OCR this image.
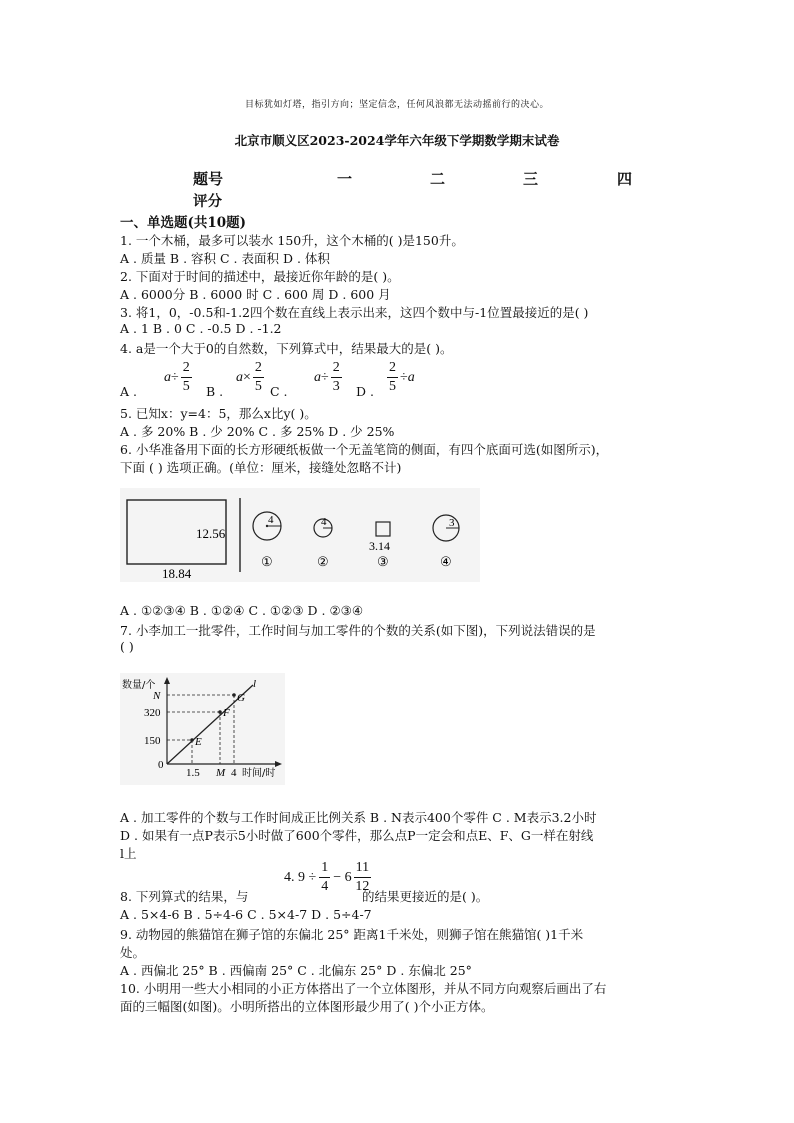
目标犹如灯塔，指引方向；坚定信念，任何风浪都无法动摇前行的决心。
北京市顺义区2023-2024学年六年级下学期数学期末试卷
题号	一	二	三	四
评分
一、单选题(共10题)
1. 一个木桶，最多可以装水 150升，这个木桶的( )是150升。
A . 质量 B . 容积 C . 表面积 D . 体积
2. 下面对于时间的描述中，最接近你年龄的是( )。
A . 6000分 B . 6000 时 C . 600 周 D . 600 月
3. 将1，0，-0.5和-1.2四个数在直线上表示出来，这四个数中与-1位置最接近的是( )
A . 1 B . 0 C . -0.5 D . -1.2
4. a是一个大于0的自然数，下列算式中，结果最大的是( )。
A .
$a \div \frac{2}{5}$ B .
$a \times \frac{2}{5}$ C .
$a \div \frac{2}{3}$ D . $\frac{2}{5} \div a$
5. 已知x：y=4：5，那么x比y( )。
A . 多 20% B . 少 20% C . 多 25% D . 少 25%
6. 小华准备用下面的长方形硬纸板做一个无盖笔筒的侧面，有四个底面可选(如图所示)，
下面 ( ) 选项正确。(单位：厘米，接缝处忽略不计)
12.56
18.84
4	4
3.14
3
①	②	③	④
A . ①②③④ B . ①②④ C . ①②③ D . ②③④
7. 小李加工一批零件，工作时间与加工零件的个数的关系(如下图)，下列说法错误的是
( )
数量/个
时间/时
E
F
G
l
N
320
150
0
1.5 M 4
A . 加工零件的个数与工作时间成正比例关系 B . N表示400个零件 C . M表示3.2小时
D . 如果有一点P表示5小时做了600个零件，那么点P一定会和点E、F、G一样在射线
l上
8. 下列算式的结果，与
4. $9 \div \frac{1}{4} - 6 \frac{11}{12}$
的结果更接近的是( )。
A . 5×4-6 B . 5÷4-6 C . 5×4-7 D . 5÷4-7
9. 动物园的熊猫馆在狮子馆的东偏北 25° 距离1千米处，则狮子馆在熊猫馆( )1千米
处。
A . 西偏北 25° B . 西偏南 25° C . 北偏东 25° D . 东偏北 25°
10. 小明用一些大小相同的小正方体搭出了一个立体图形，并从不同方向观察后画出了右
面的三幅图(如图)。小明所搭出的立体图形最少用了( )个小正方体。
